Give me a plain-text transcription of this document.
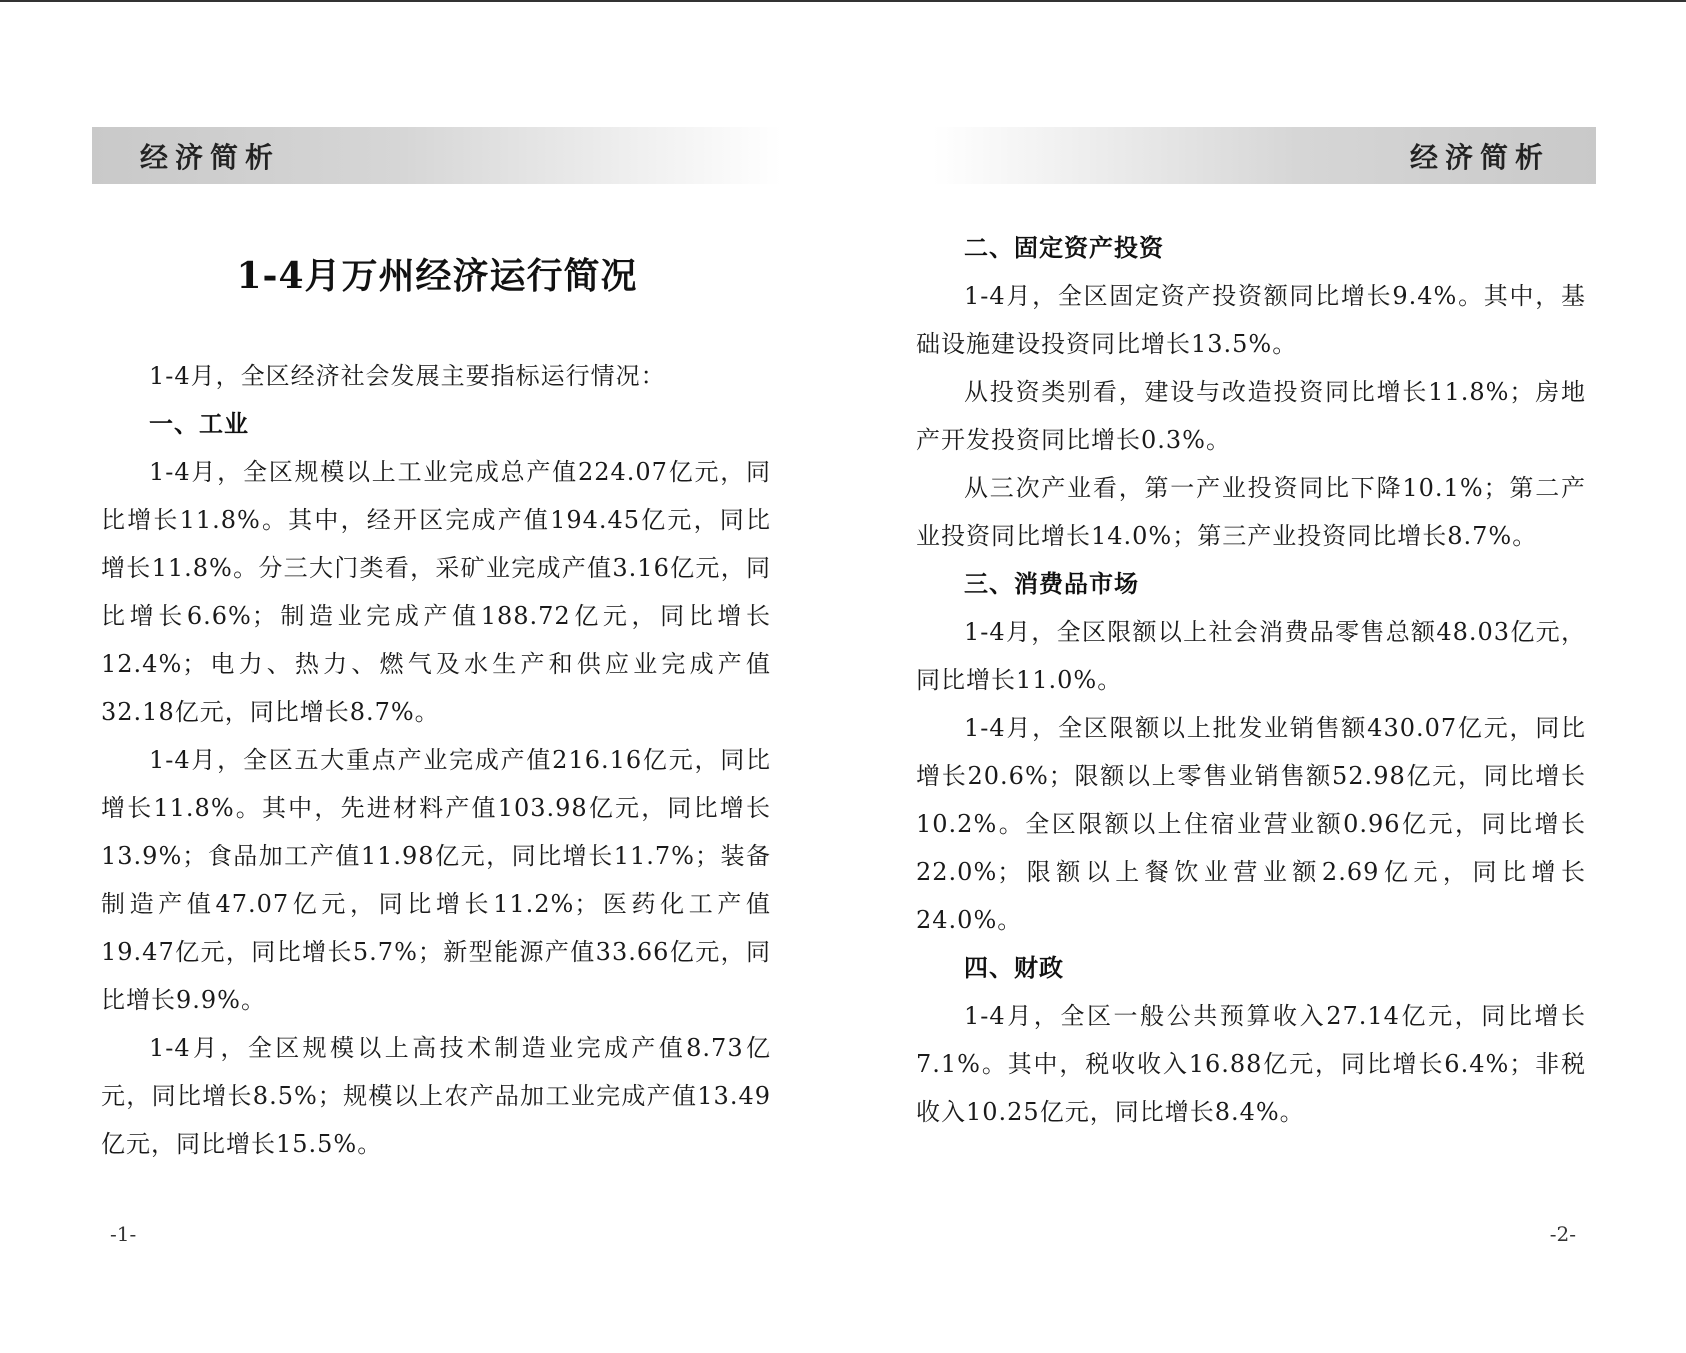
经济简析
1-4月万州经济运行简况

1-4月，全区经济社会发展主要指标运行情况：

一、工业

1-4月，全区规模以上工业完成总产值224.07亿元，同比增长11.8%。其中，经开区完成产值194.45亿元，同比增长11.8%。分三大门类看，采矿业完成产值3.16亿元，同比增长6.6%；制造业完成产值188.72亿元，同比增长12.4%；电力、热力、燃气及水生产和供应业完成产值32.18亿元，同比增长8.7%。

1-4月，全区五大重点产业完成产值216.16亿元，同比增长11.8%。其中，先进材料产值103.98亿元，同比增长13.9%；食品加工产值11.98亿元，同比增长11.7%；装备制造产值47.07亿元，同比增长11.2%；医药化工产值19.47亿元，同比增长5.7%；新型能源产值33.66亿元，同比增长9.9%。

1-4月，全区规模以上高技术制造业完成产值8.73亿元，同比增长8.5%；规模以上农产品加工业完成产值13.49亿元，同比增长15.5%。

-1-
经济简析
二、固定资产投资

1-4月，全区固定资产投资额同比增长9.4%。其中，基础设施建设投资同比增长13.5%。

从投资类别看，建设与改造投资同比增长11.8%；房地产开发投资同比增长0.3%。

从三次产业看，第一产业投资同比下降10.1%；第二产业投资同比增长14.0%；第三产业投资同比增长8.7%。

三、消费品市场

1-4月，全区限额以上社会消费品零售总额48.03亿元，同比增长11.0%。

1-4月，全区限额以上批发业销售额430.07亿元，同比增长20.6%；限额以上零售业销售额52.98亿元，同比增长10.2%。全区限额以上住宿业营业额0.96亿元，同比增长22.0%；限额以上餐饮业营业额2.69亿元，同比增长24.0%。

四、财政

1-4月，全区一般公共预算收入27.14亿元，同比增长7.1%。其中，税收收入16.88亿元，同比增长6.4%；非税收入10.25亿元，同比增长8.4%。

-2-
